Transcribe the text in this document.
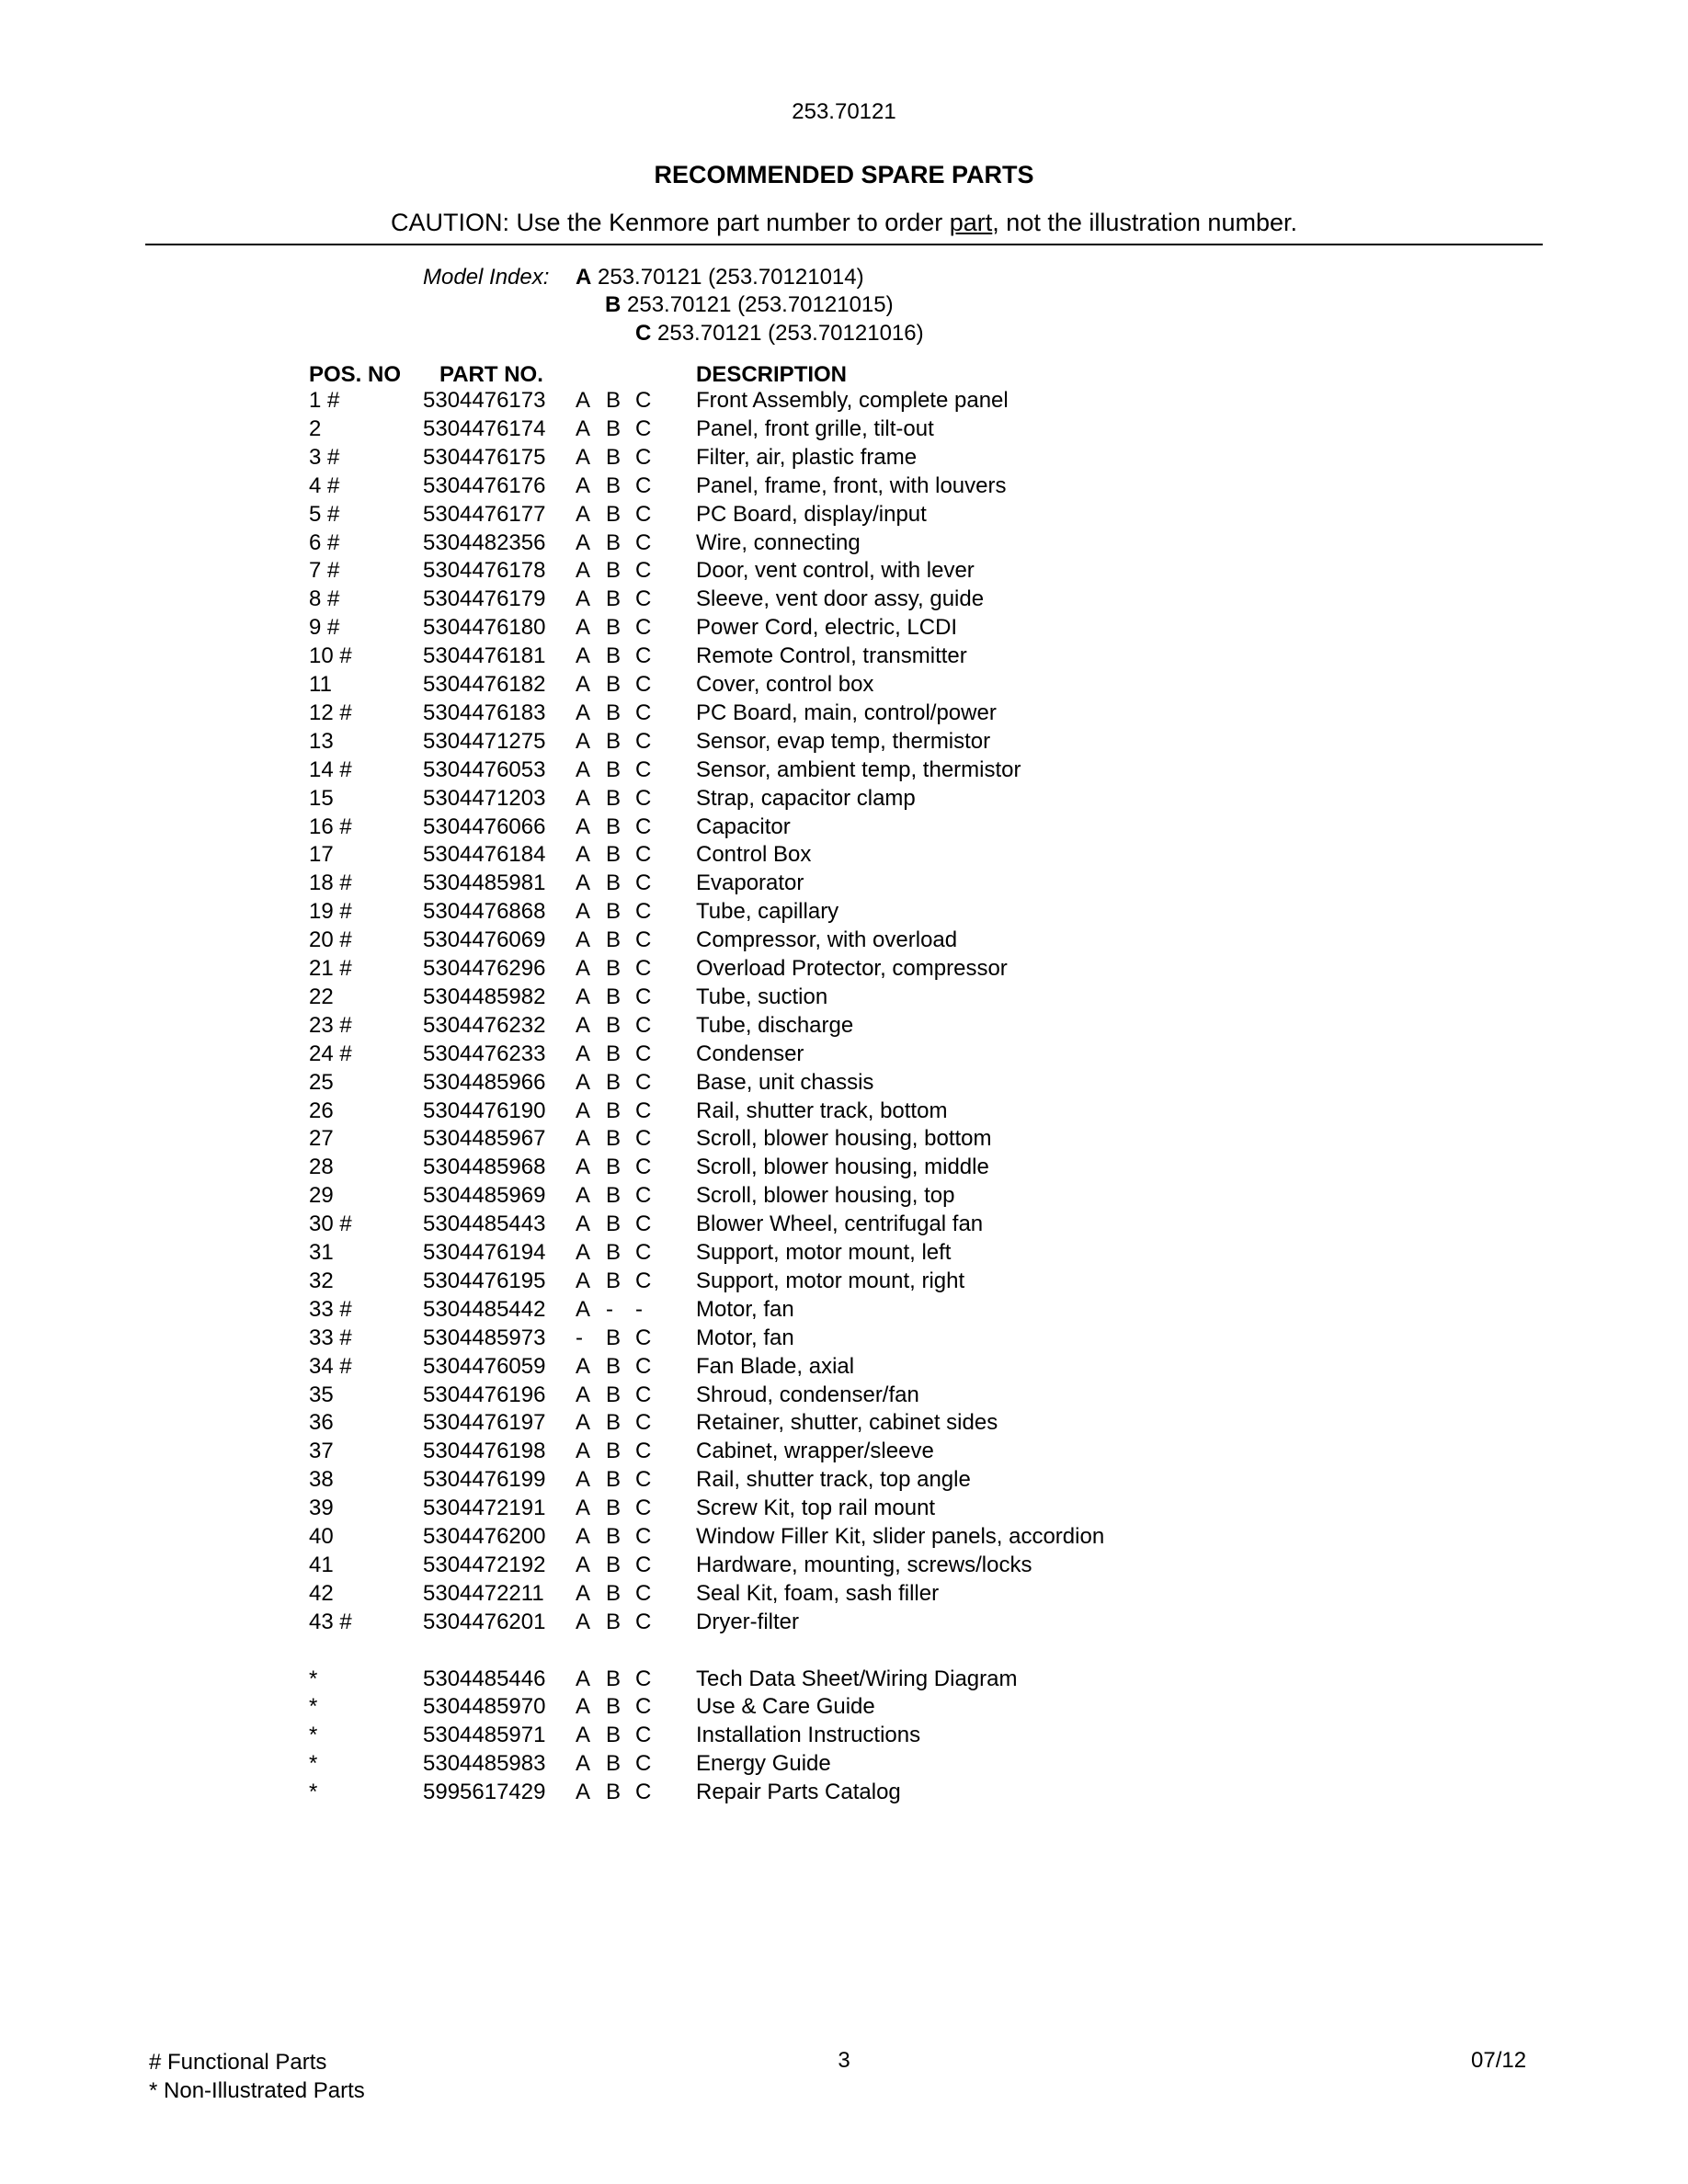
253.70121
RECOMMENDED SPARE PARTS
CAUTION: Use the Kenmore part number to order part, not the illustration number.
Model Index: A 253.70121 (253.70121014)
B 253.70121 (253.70121015)
C 253.70121 (253.70121016)
POS. NO PART NO.	DESCRIPTION
1 #	5304476173 A B C Front Assembly, complete panel
2	5304476174 A B C Panel, front grille, tilt-out
3 #	5304476175 A B C Filter, air, plastic frame
4 #	5304476176 A B C Panel, frame, front, with louvers
5 #	5304476177 A B C PC Board, display/input
6 #	5304482356 A B C Wire, connecting
7 #	5304476178 A B C Door, vent control, with lever
8 #	5304476179 A B C Sleeve, vent door assy, guide
9 #	5304476180 A B C Power Cord, electric, LCDI
10 #	5304476181 A B C Remote Control, transmitter
11	5304476182 A B C Cover, control box
12 #	5304476183 A B C PC Board, main, control/power
13	5304471275 A B C Sensor, evap temp, thermistor
14 #	5304476053 A B C Sensor, ambient temp, thermistor
15	5304471203 A B C Strap, capacitor clamp
16 #	5304476066 A B C Capacitor
17	5304476184 A B C Control Box
18 #	5304485981 A B C Evaporator
19 #	5304476868 A B C Tube, capillary
20 #	5304476069 A B C Compressor, with overload
21 #	5304476296 A B C Overload Protector, compressor
22	5304485982 A B C Tube, suction
23 #	5304476232 A B C Tube, discharge
24 #	5304476233 A B C Condenser
25	5304485966 A B C Base, unit chassis
26	5304476190 A B C Rail, shutter track, bottom
27	5304485967 A B C Scroll, blower housing, bottom
28	5304485968 A B C Scroll, blower housing, middle
29	5304485969 A B C Scroll, blower housing, top
30 #	5304485443 A B C Blower Wheel, centrifugal fan
31	5304476194 A B C Support, motor mount, left
32	5304476195 A B C Support, motor mount, right
33 #	5304485442 A - - Motor, fan
33 #	5304485973 - B C Motor, fan
34 #	5304476059 A B C Fan Blade, axial
35	5304476196 A B C Shroud, condenser/fan
36	5304476197 A B C Retainer, shutter, cabinet sides
37	5304476198 A B C Cabinet, wrapper/sleeve
38	5304476199 A B C Rail, shutter track, top angle
39	5304472191 A B C Screw Kit, top rail mount
40	5304476200 A B C Window Filler Kit, slider panels, accordion
41	5304472192 A B C Hardware, mounting, screws/locks
42	5304472211 A B C Seal Kit, foam, sash filler
43 #	5304476201 A B C Dryer-filter
*	5304485446 A B C Tech Data Sheet/Wiring Diagram
*	5304485970 A B C Use & Care Guide
*	5304485971 A B C Installation Instructions
*	5304485983 A B C Energy Guide
*	5995617429 A B C Repair Parts Catalog
# Functional Parts
* Non-Illustrated Parts
3	07/12
